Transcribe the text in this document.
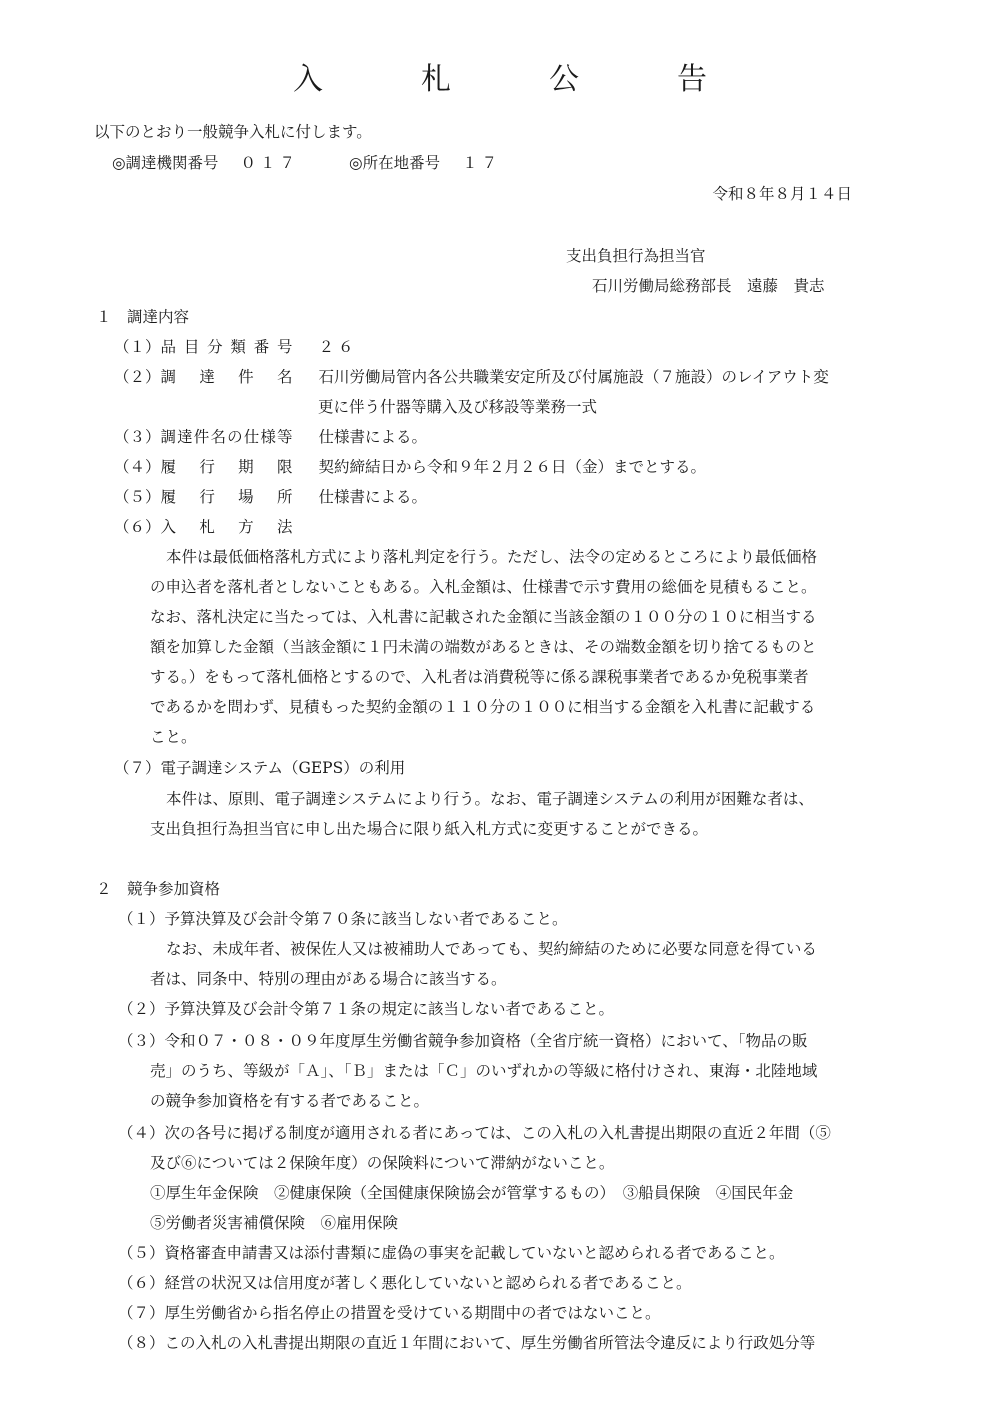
入　札　公　告
以下のとおり一般競争入札に付します。
◎調達機関番号 ０１７	◎所在地番号 １７
令和８年８月１４日
支出負担行為担当官
石川労働局総務部長　遠藤　貴志
１　調達内容
（１）品目分類番号 ２６
（２）調達件名 石川労働局管内各公共職業安定所及び付属施設（７施設）のレイアウト変
更に伴う什器等購入及び移設等業務一式
（３）調達件名の仕様等 仕様書による。
（４）履行期限 契約締結日から令和９年２月２６日（金）までとする。
（５）履行場所 仕様書による。
（６）入札方法
本件は最低価格落札方式により落札判定を行う。ただし、法令の定めるところにより最低価格
の申込者を落札者としないこともある。入札金額は、仕様書で示す費用の総価を見積もること。
なお、落札決定に当たっては、入札書に記載された金額に当該金額の１００分の１０に相当する
額を加算した金額（当該金額に１円未満の端数があるときは、その端数金額を切り捨てるものと
する。）をもって落札価格とするので、入札者は消費税等に係る課税事業者であるか免税事業者
であるかを問わず、見積もった契約金額の１１０分の１００に相当する金額を入札書に記載する
こと。
（７）電子調達システム（GEPS）の利用
本件は、原則、電子調達システムにより行う。なお、電子調達システムの利用が困難な者は、
支出負担行為担当官に申し出た場合に限り紙入札方式に変更することができる。
２　競争参加資格
（１）予算決算及び会計令第７０条に該当しない者であること。
なお、未成年者、被保佐人又は被補助人であっても、契約締結のために必要な同意を得ている
者は、同条中、特別の理由がある場合に該当する。
（２）予算決算及び会計令第７１条の規定に該当しない者であること。
（３）令和０７・０８・０９年度厚生労働省競争参加資格（全省庁統一資格）において、「物品の販
売」のうち、等級が「Ａ」、「Ｂ」または「Ｃ」のいずれかの等級に格付けされ、東海・北陸地域
の競争参加資格を有する者であること。
（４）次の各号に掲げる制度が適用される者にあっては、この入札の入札書提出期限の直近２年間（⑤
及び⑥については２保険年度）の保険料について滞納がないこと。
①厚生年金保険　②健康保険（全国健康保険協会が管掌するもの）　③船員保険　④国民年金
⑤労働者災害補償保険　⑥雇用保険
（５）資格審査申請書又は添付書類に虚偽の事実を記載していないと認められる者であること。
（６）経営の状況又は信用度が著しく悪化していないと認められる者であること。
（７）厚生労働省から指名停止の措置を受けている期間中の者ではないこと。
（８）この入札の入札書提出期限の直近１年間において、厚生労働省所管法令違反により行政処分等
